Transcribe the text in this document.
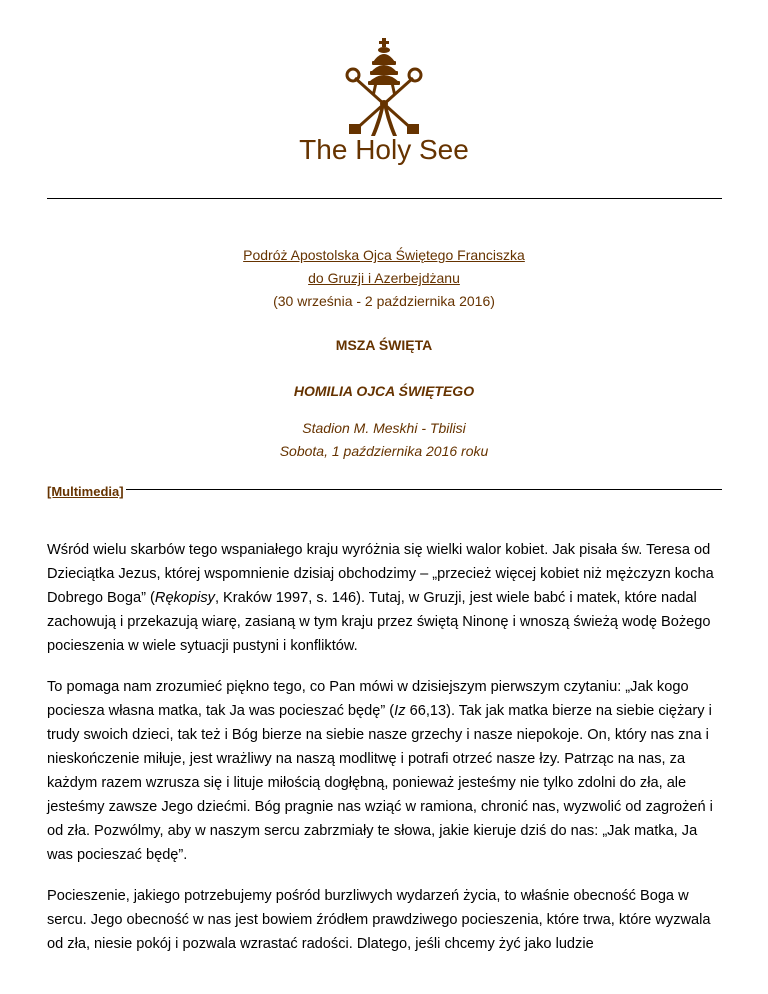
The Holy See
Podróż Apostolska Ojca Świętego Franciszka
do Gruzji i Azerbejdżanu
(30 września - 2 października 2016)
MSZA ŚWIĘTA
HOMILIA OJCA ŚWIĘTEGO
Stadion M. Meskhi - Tbilisi
Sobota, 1 października 2016 roku
[Multimedia]

Wśród wielu skarbów tego wspaniałego kraju wyróżnia się wielki walor kobiet. Jak pisała św. Teresa od Dzieciątka Jezus, której wspomnienie dzisiaj obchodzimy – „przecież więcej kobiet niż mężczyzn kocha Dobrego Boga” (Rękopisy, Kraków 1997, s. 146). Tutaj, w Gruzji, jest wiele babć i matek, które nadal zachowują i przekazują wiarę, zasianą w tym kraju przez świętą Ninonę i wnoszą świeżą wodę Bożego pocieszenia w wiele sytuacji pustyni i konfliktów.

To pomaga nam zrozumieć piękno tego, co Pan mówi w dzisiejszym pierwszym czytaniu: „Jak kogo pociesza własna matka, tak Ja was pocieszać będę” (Iz 66,13). Tak jak matka bierze na siebie ciężary i trudy swoich dzieci, tak też i Bóg bierze na siebie nasze grzechy i nasze niepokoje. On, który nas zna i nieskończenie miłuje, jest wrażliwy na naszą modlitwę i potrafi otrzeć nasze łzy. Patrząc na nas, za każdym razem wzrusza się i lituje miłością dogłębną, ponieważ jesteśmy nie tylko zdolni do zła, ale jesteśmy zawsze Jego dziećmi. Bóg pragnie nas wziąć w ramiona, chronić nas, wyzwolić od zagrożeń i od zła. Pozwólmy, aby w naszym sercu zabrzmiały te słowa, jakie kieruje dziś do nas: „Jak matka, Ja was pocieszać będę”.

Pocieszenie, jakiego potrzebujemy pośród burzliwych wydarzeń życia, to właśnie obecność Boga w sercu. Jego obecność w nas jest bowiem źródłem prawdziwego pocieszenia, które trwa, które wyzwala od zła, niesie pokój i pozwala wzrastać radości. Dlatego, jeśli chcemy żyć jako ludzie
